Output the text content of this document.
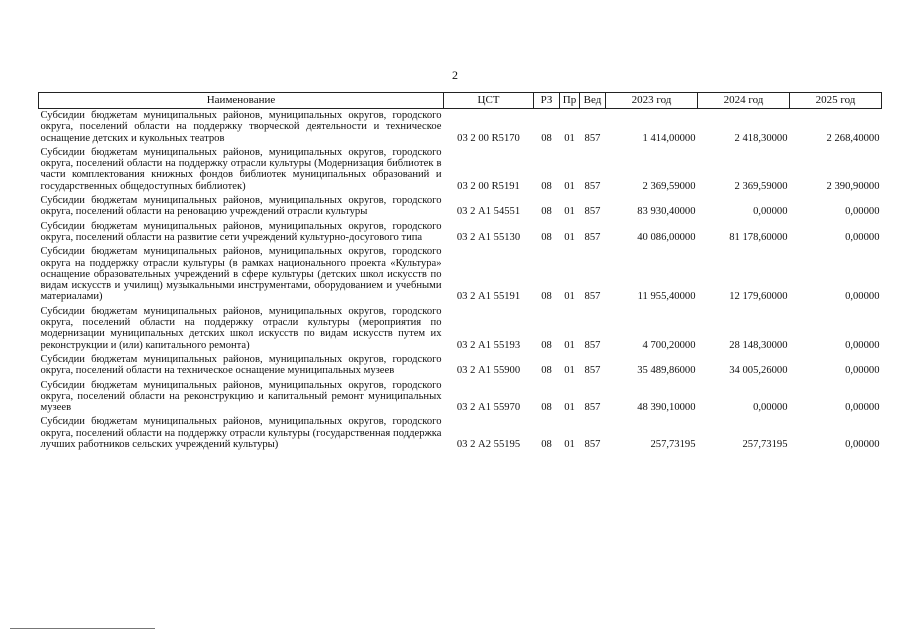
2
Наименование	ЦСТ	РЗ	Пр	Вед	2023 год	2024 год	2025 год
Субсидии бюджетам муниципальных районов, муниципальных округов, городского округа, поселений области на поддержку творческой деятельности и техническое оснащение детских и кукольных театров	03 2 00 R5170	08	01	857	1 414,00000	2 418,30000	2 268,40000
Субсидии бюджетам муниципальных районов, муниципальных округов, городского округа, поселений области на поддержку отрасли культуры (Модернизация библиотек в части комплектования книжных фондов библиотек муниципальных образований и государственных общедоступных библиотек)	03 2 00 R5191	08	01	857	2 369,59000	2 369,59000	2 390,90000
Субсидии бюджетам муниципальных районов, муниципальных округов, городского округа, поселений области на реновацию учреждений отрасли культуры	03 2 А1 54551	08	01	857	83 930,40000	0,00000	0,00000
Субсидии бюджетам муниципальных районов, муниципальных округов, городского округа, поселений области на развитие сети учреждений культурно-досугового типа	03 2 А1 55130	08	01	857	40 086,00000	81 178,60000	0,00000
Субсидии бюджетам муниципальных районов, муниципальных округов, городского округа на поддержку отрасли культуры (в рамках национального проекта «Культура» оснащение образовательных учреждений в сфере культуры (детских школ искусств по видам искусств и училищ) музыкальными инструментами, оборудованием и учебными материалами)	03 2 А1 55191	08	01	857	11 955,40000	12 179,60000	0,00000
Субсидии бюджетам муниципальных районов, муниципальных округов, городского округа, поселений области на поддержку отрасли культуры (мероприятия по модернизации муниципальных детских школ искусств по видам искусств путем их реконструкции и (или) капитального ремонта)	03 2 А1 55193	08	01	857	4 700,20000	28 148,30000	0,00000
Субсидии бюджетам муниципальных районов, муниципальных округов, городского округа, поселений области на техническое оснащение муниципальных музеев	03 2 А1 55900	08	01	857	35 489,86000	34 005,26000	0,00000
Субсидии бюджетам муниципальных районов, муниципальных округов, городского округа, поселений области на реконструкцию и капитальный ремонт муниципальных музеев	03 2 А1 55970	08	01	857	48 390,10000	0,00000	0,00000
Субсидии бюджетам муниципальных районов, муниципальных округов, городского округа, поселений области на поддержку отрасли культуры (государственная поддержка лучших работников сельских учреждений культуры)	03 2 А2 55195	08	01	857	257,73195	257,73195	0,00000
